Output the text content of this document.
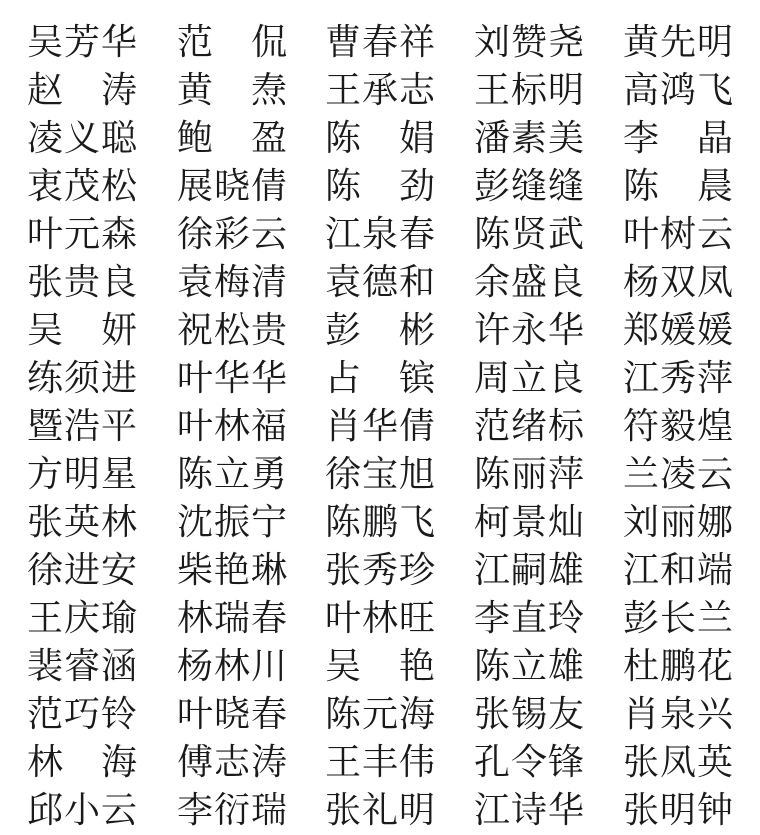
吴 芳 华 范 侃 曹 春 祥 刘 赞 尧 黄 先 明
赵 涛 黄 焘 王 承 志 王 标 明 高 鸿 飞
凌 义 聪 鲍 盈 陈 娟 潘 素 美 李 晶
衷 茂 松 展 晓 倩 陈 劲 彭 缝 缝 陈 晨
叶 元 森 徐 彩 云 江 泉 春 陈 贤 武 叶 树 云
张 贵 良 袁 梅 清 袁 德 和 余 盛 良 杨 双 凤
吴 妍 祝 松 贵 彭 彬 许 永 华 郑 媛 媛
练 须 进 叶 华 华 占 镔 周 立 良 江 秀 萍
暨 浩 平 叶 林 福 肖 华 倩 范 绪 标 符 毅 煌
方 明 星 陈 立 勇 徐 宝 旭 陈 丽 萍 兰 凌 云
张 英 林 沈 振 宁 陈 鹏 飞 柯 景 灿 刘 丽 娜
徐 进 安 柴 艳 琳 张 秀 珍 江 嗣 雄 江 和 端
王 庆 瑜 林 瑞 春 叶 林 旺 李 直 玲 彭 长 兰
裴 睿 涵 杨 林 川 吴 艳 陈 立 雄 杜 鹏 花
范 巧 铃 叶 晓 春 陈 元 海 张 锡 友 肖 泉 兴
林 海 傅 志 涛 王 丰 伟 孔 令 锋 张 凤 英
邱 小 云 李 衍 瑞 张 礼 明 江 诗 华 张 明 钟
